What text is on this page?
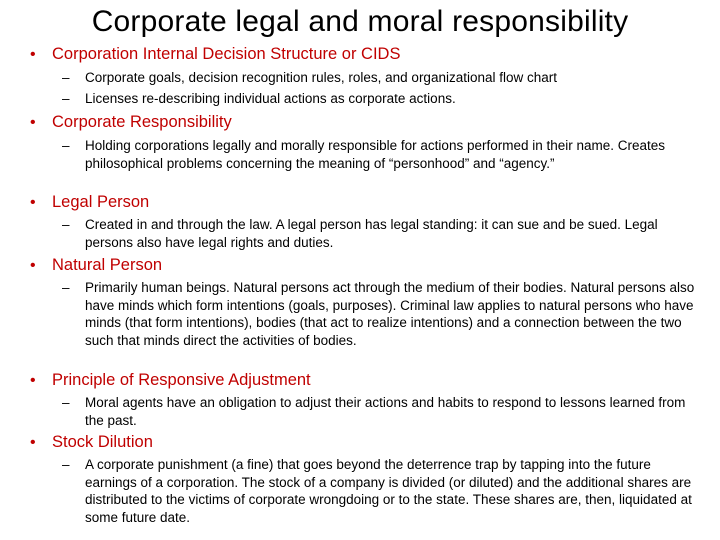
Corporate legal and moral responsibility
• Corporation Internal Decision Structure or CIDS
–	Corporate goals, decision recognition rules, roles, and organizational flow chart
–	Licenses re-describing individual actions as corporate actions.
• Corporate Responsibility
–	Holding corporations legally and morally responsible for actions performed in their name. Creates philosophical problems concerning the meaning of “personhood” and “agency.”
• Legal Person
–	Created in and through the law. A legal person has legal standing: it can sue and be sued. Legal persons also have legal rights and duties.
• Natural Person
–	Primarily human beings. Natural persons act through the medium of their bodies. Natural persons also have minds which form intentions (goals, purposes). Criminal law applies to natural persons who have minds (that form intentions), bodies (that act to realize intentions) and a connection between the two such that minds direct the activities of bodies.
• Principle of Responsive Adjustment
–	Moral agents have an obligation to adjust their actions and habits to respond to lessons learned from the past.
• Stock Dilution
–	A corporate punishment (a fine) that goes beyond the deterrence trap by tapping into the future earnings of a corporation. The stock of a company is divided (or diluted) and the additional shares are distributed to the victims of corporate wrongdoing or to the state. These shares are, then, liquidated at some future date.
